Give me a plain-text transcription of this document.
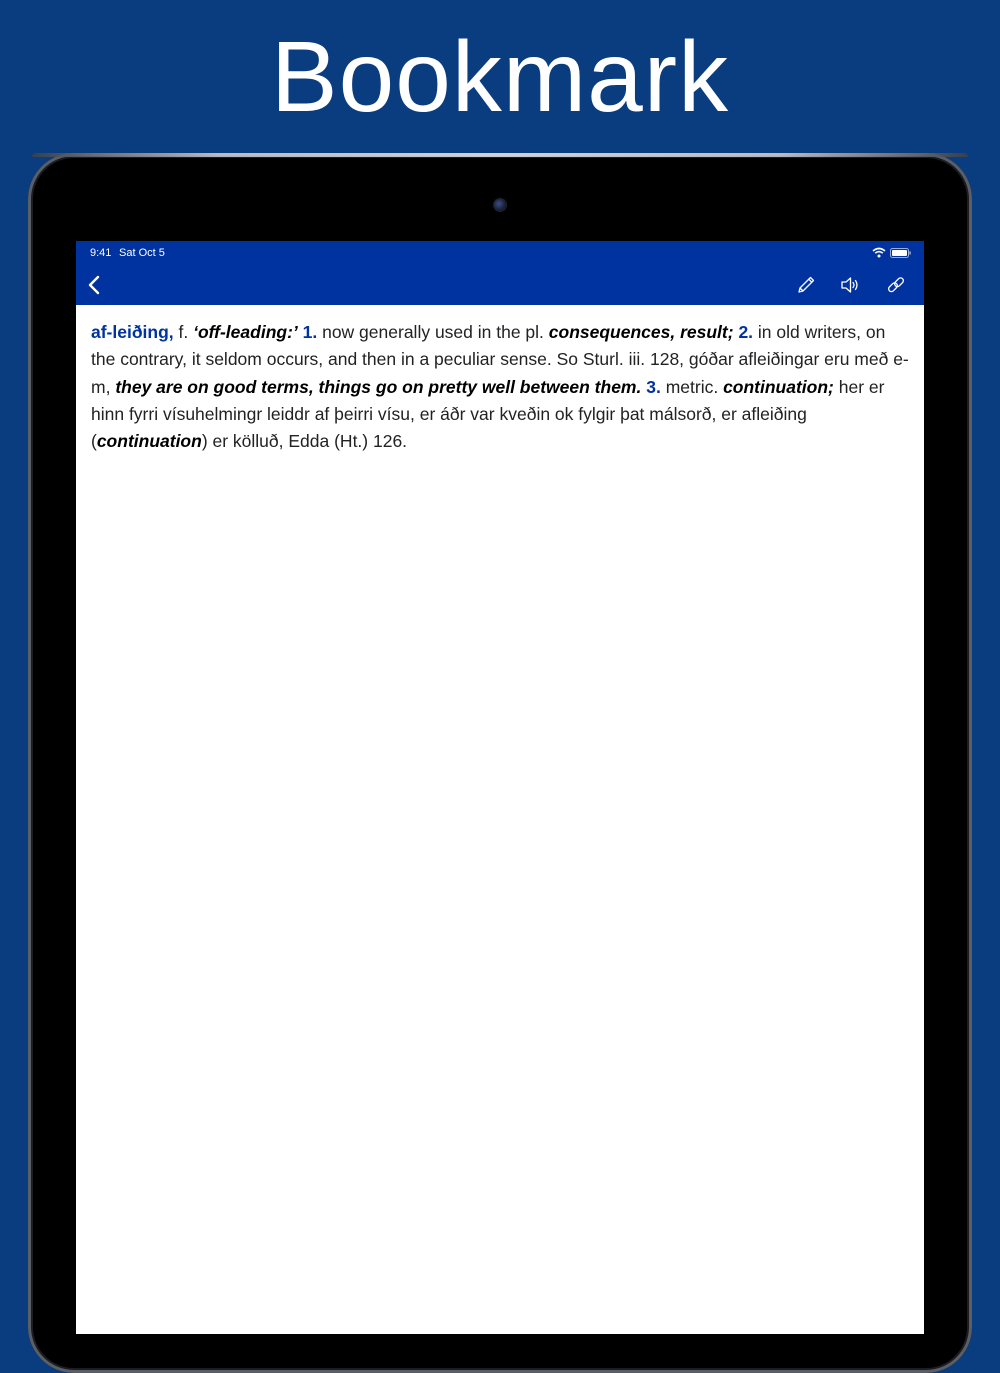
Bookmark
9:41 Sat Oct 5
af-leiðing, f. ‘off-leading:’ 1. now generally used in the pl. consequences, result; 2. in old writers, on the contrary, it seldom occurs, and then in a peculiar sense. So Sturl. iii. 128, góðar afleiðingar eru með e-m, they are on good terms, things go on pretty well between them. 3. metric. continuation; her er hinn fyrri vísuhelmingr leiddr af þeirri vísu, er áðr var kveðin ok fylgir þat málsorð, er afleiðing (continuation) er kölluð, Edda (Ht.) 126.
